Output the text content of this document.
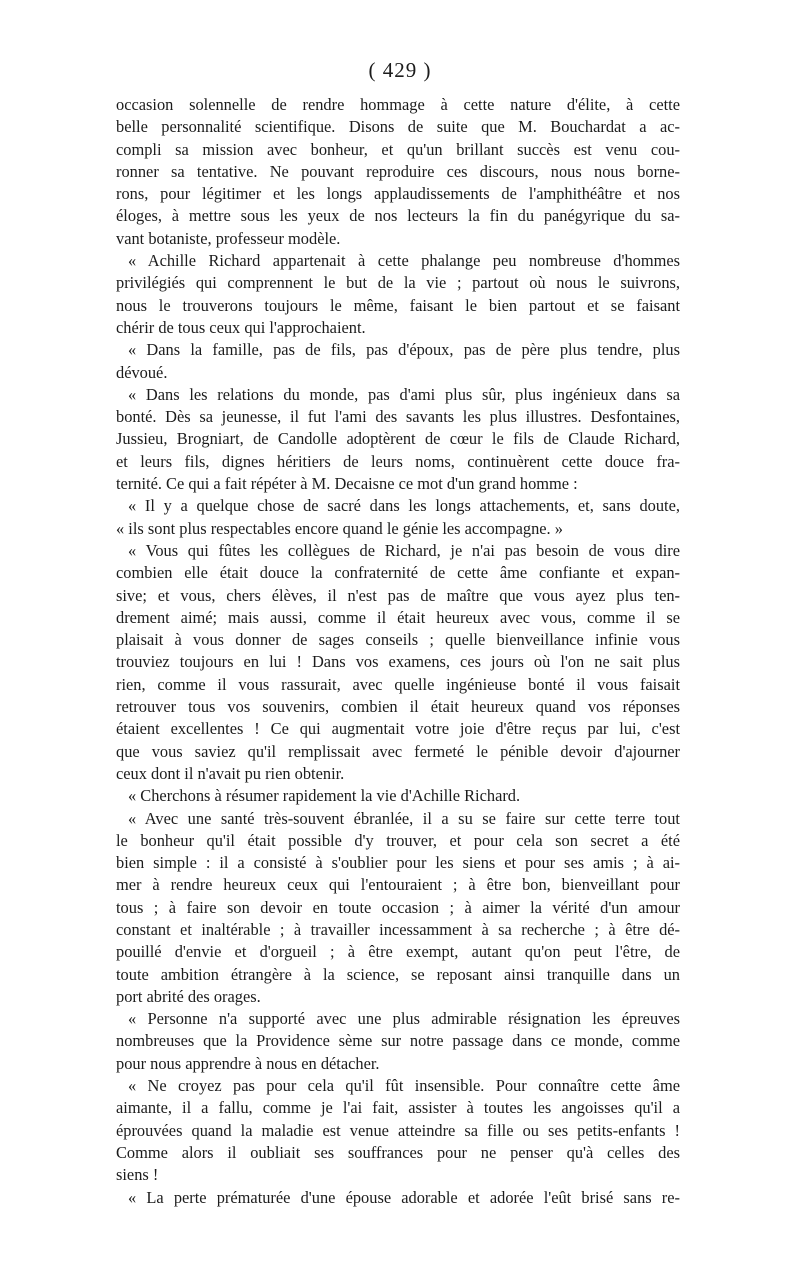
( 429 )
occasion solennelle de rendre hommage à cette nature d'élite, à cette
belle personnalité scientifique. Disons de suite que M. Bouchardat a ac-
compli sa mission avec bonheur, et qu'un brillant succès est venu cou-
ronner sa tentative. Ne pouvant reproduire ces discours, nous nous borne-
rons, pour légitimer et les longs applaudissements de l'amphithéâtre et nos
éloges, à mettre sous les yeux de nos lecteurs la fin du panégyrique du sa-
vant botaniste, professeur modèle.
« Achille Richard appartenait à cette phalange peu nombreuse d'hommes
privilégiés qui comprennent le but de la vie ; partout où nous le suivrons,
nous le trouverons toujours le même, faisant le bien partout et se faisant
chérir de tous ceux qui l'approchaient.
« Dans la famille, pas de fils, pas d'époux, pas de père plus tendre, plus
dévoué.
« Dans les relations du monde, pas d'ami plus sûr, plus ingénieux dans sa
bonté. Dès sa jeunesse, il fut l'ami des savants les plus illustres. Desfontaines,
Jussieu, Brogniart, de Candolle adoptèrent de cœur le fils de Claude Richard,
et leurs fils, dignes héritiers de leurs noms, continuèrent cette douce fra-
ternité. Ce qui a fait répéter à M. Decaisne ce mot d'un grand homme :
« Il y a quelque chose de sacré dans les longs attachements, et, sans doute,
« ils sont plus respectables encore quand le génie les accompagne. »
« Vous qui fûtes les collègues de Richard, je n'ai pas besoin de vous dire
combien elle était douce la confraternité de cette âme confiante et expan-
sive; et vous, chers élèves, il n'est pas de maître que vous ayez plus ten-
drement aimé; mais aussi, comme il était heureux avec vous, comme il se
plaisait à vous donner de sages conseils ; quelle bienveillance infinie vous
trouviez toujours en lui ! Dans vos examens, ces jours où l'on ne sait plus
rien, comme il vous rassurait, avec quelle ingénieuse bonté il vous faisait
retrouver tous vos souvenirs, combien il était heureux quand vos réponses
étaient excellentes ! Ce qui augmentait votre joie d'être reçus par lui, c'est
que vous saviez qu'il remplissait avec fermeté le pénible devoir d'ajourner
ceux dont il n'avait pu rien obtenir.
« Cherchons à résumer rapidement la vie d'Achille Richard.
« Avec une santé très-souvent ébranlée, il a su se faire sur cette terre tout
le bonheur qu'il était possible d'y trouver, et pour cela son secret a été
bien simple : il a consisté à s'oublier pour les siens et pour ses amis ; à ai-
mer à rendre heureux ceux qui l'entouraient ; à être bon, bienveillant pour
tous ; à faire son devoir en toute occasion ; à aimer la vérité d'un amour
constant et inaltérable ; à travailler incessamment à sa recherche ; à être dé-
pouillé d'envie et d'orgueil ; à être exempt, autant qu'on peut l'être, de
toute ambition étrangère à la science, se reposant ainsi tranquille dans un
port abrité des orages.
« Personne n'a supporté avec une plus admirable résignation les épreuves
nombreuses que la Providence sème sur notre passage dans ce monde, comme
pour nous apprendre à nous en détacher.
« Ne croyez pas pour cela qu'il fût insensible. Pour connaître cette âme
aimante, il a fallu, comme je l'ai fait, assister à toutes les angoisses qu'il a
éprouvées quand la maladie est venue atteindre sa fille ou ses petits-enfants !
Comme alors il oubliait ses souffrances pour ne penser qu'à celles des
siens !
« La perte prématurée d'une épouse adorable et adorée l'eût brisé sans re-
